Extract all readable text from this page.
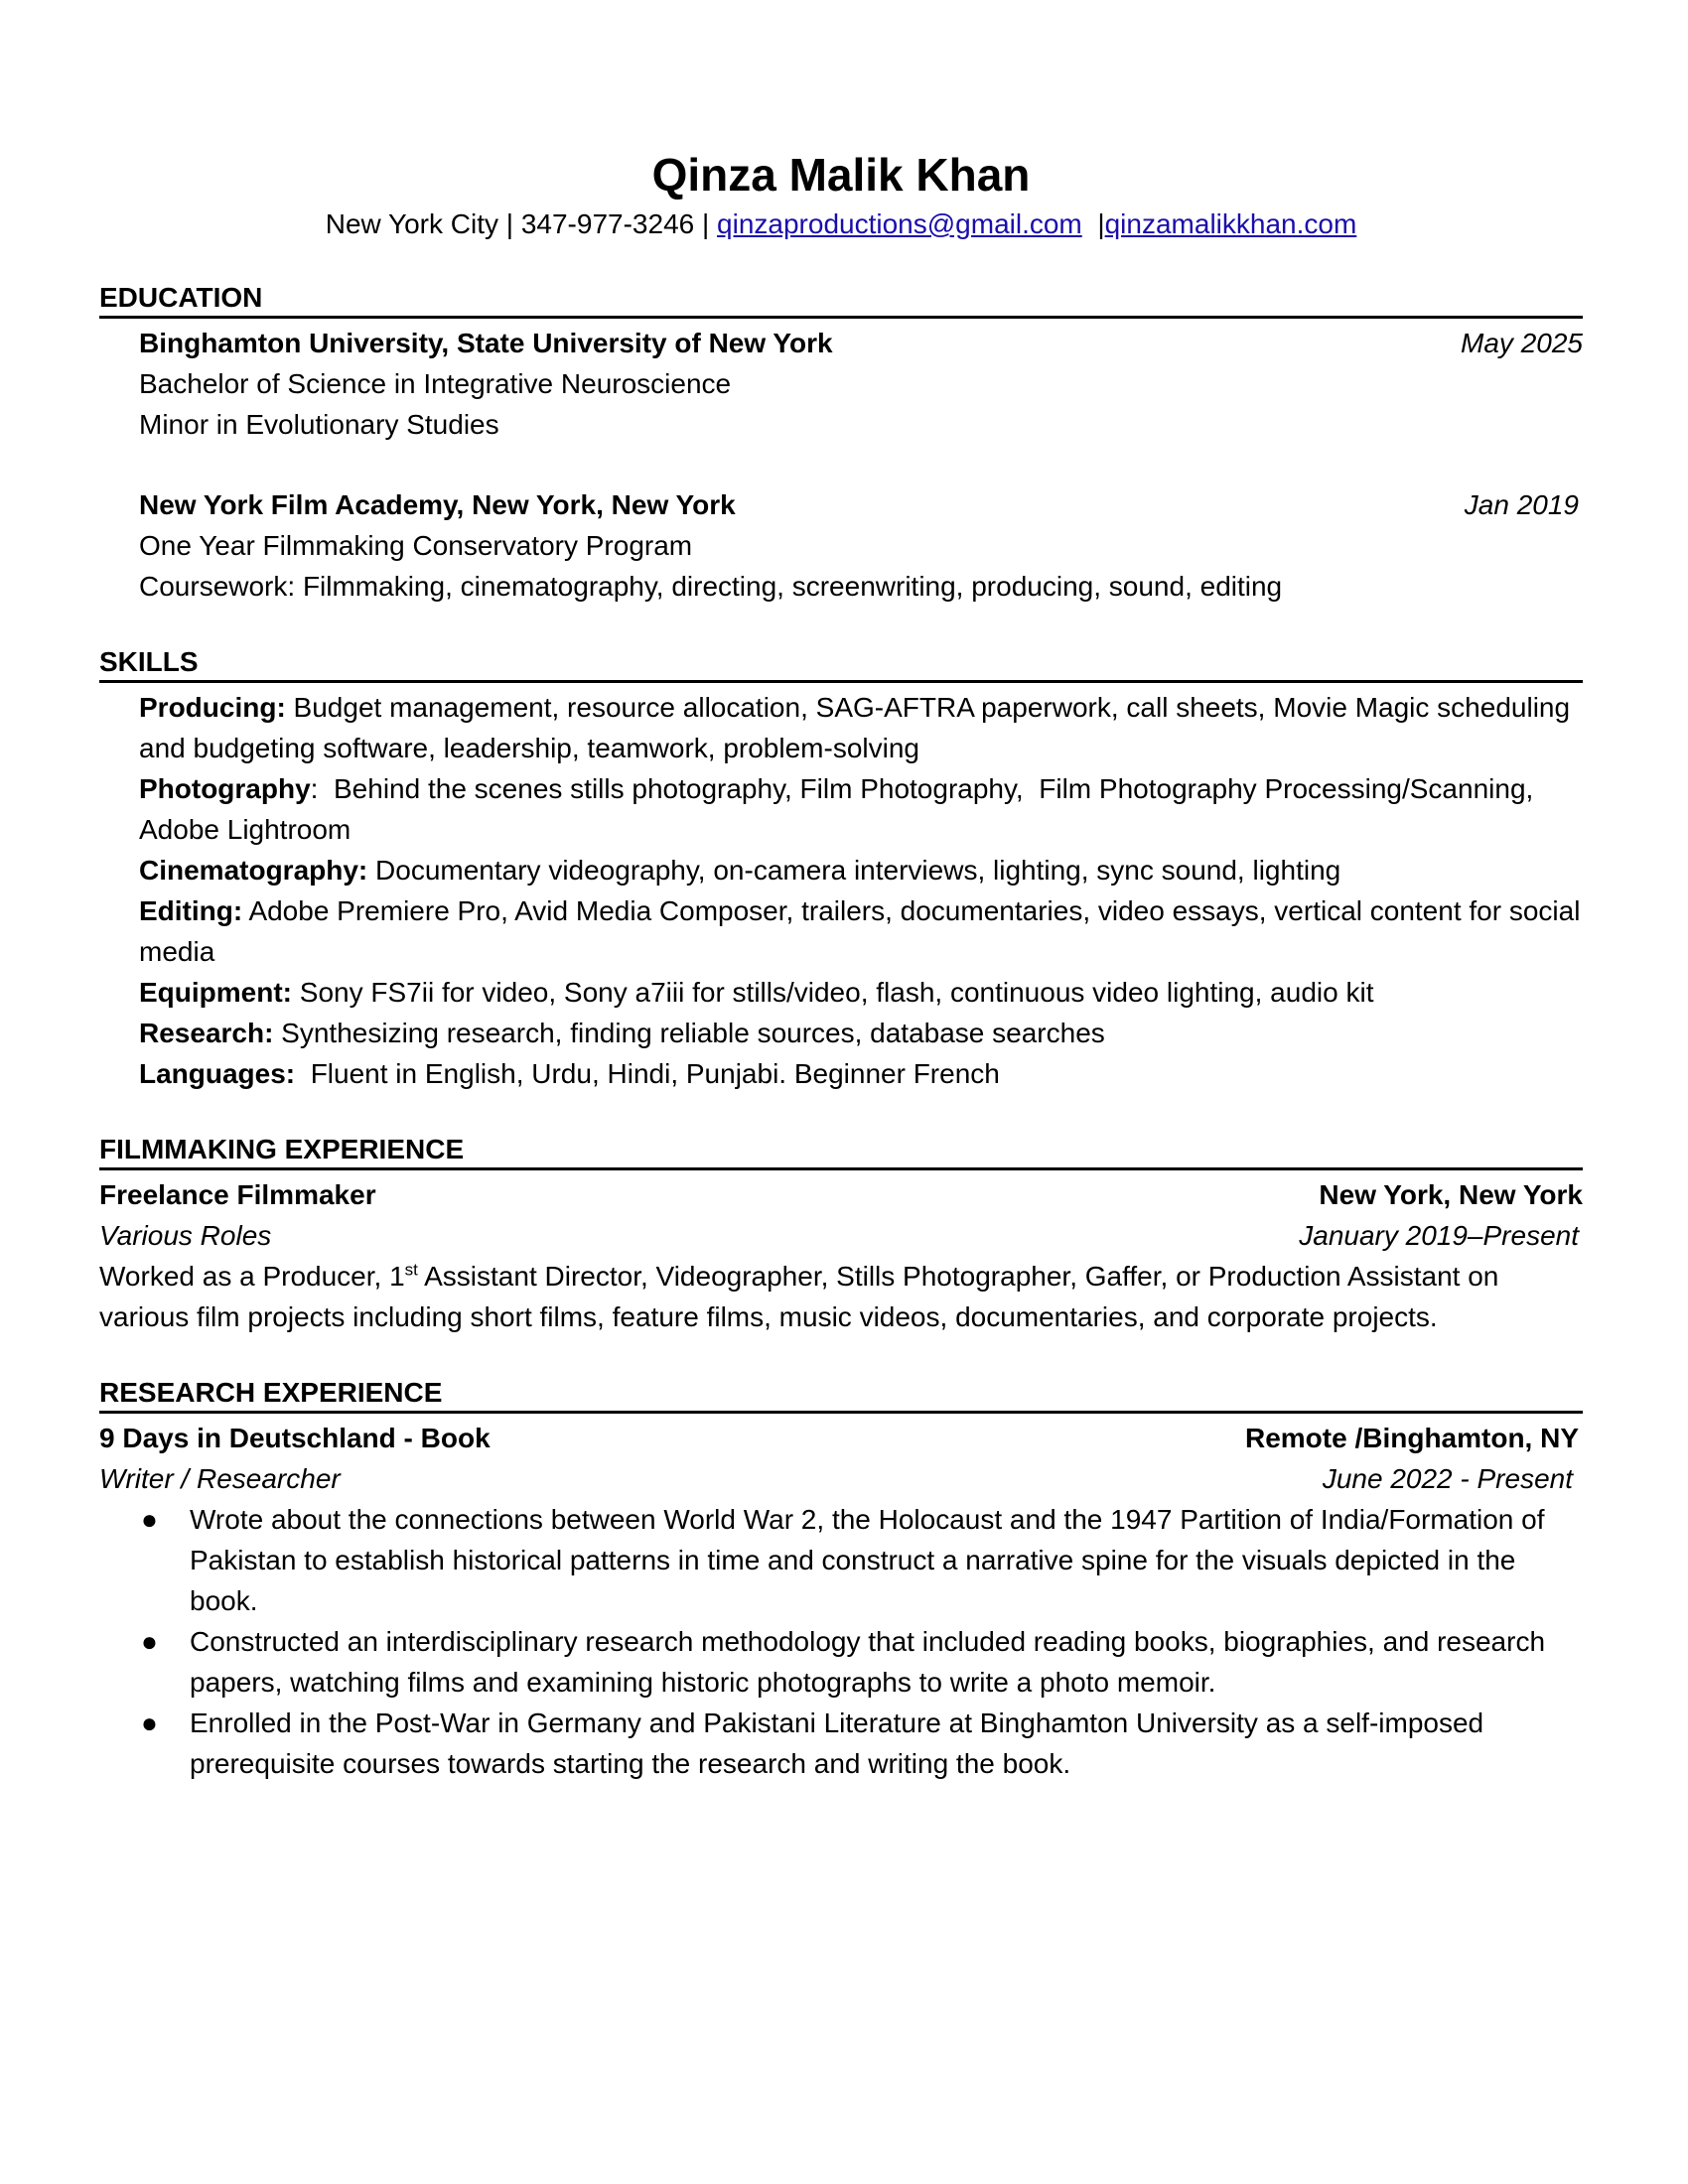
Qinza Malik Khan
New York City | 347-977-3246 | qinzaproductions@gmail.com  |qinzamalikkhan.com
EDUCATION
Binghamton University, State University of New York	May 2025
Bachelor of Science in Integrative Neuroscience
Minor in Evolutionary Studies
New York Film Academy, New York, New York	Jan 2019
One Year Filmmaking Conservatory Program
Coursework: Filmmaking, cinematography, directing, screenwriting, producing, sound, editing
SKILLS
Producing: Budget management, resource allocation, SAG-AFTRA paperwork, call sheets, Movie Magic scheduling and budgeting software, leadership, teamwork, problem-solving
Photography:  Behind the scenes stills photography, Film Photography,  Film Photography Processing/Scanning, Adobe Lightroom
Cinematography: Documentary videography, on-camera interviews, lighting, sync sound, lighting
Editing: Adobe Premiere Pro, Avid Media Composer, trailers, documentaries, video essays, vertical content for social media
Equipment: Sony FS7ii for video, Sony a7iii for stills/video, flash, continuous video lighting, audio kit
Research: Synthesizing research, finding reliable sources, database searches
Languages:  Fluent in English, Urdu, Hindi, Punjabi. Beginner French
FILMMAKING EXPERIENCE
Freelance Filmmaker	New York, New York
Various Roles	January 2019–Present
Worked as a Producer, 1st Assistant Director, Videographer, Stills Photographer, Gaffer, or Production Assistant on various film projects including short films, feature films, music videos, documentaries, and corporate projects.
RESEARCH EXPERIENCE
9 Days in Deutschland - Book	Remote /Binghamton, NY
Writer / Researcher	June 2022 - Present
● Wrote about the connections between World War 2, the Holocaust and the 1947 Partition of India/Formation of Pakistan to establish historical patterns in time and construct a narrative spine for the visuals depicted in the book.
● Constructed an interdisciplinary research methodology that included reading books, biographies, and research papers, watching films and examining historic photographs to write a photo memoir.
● Enrolled in the Post-War in Germany and Pakistani Literature at Binghamton University as a self-imposed prerequisite courses towards starting the research and writing the book.
